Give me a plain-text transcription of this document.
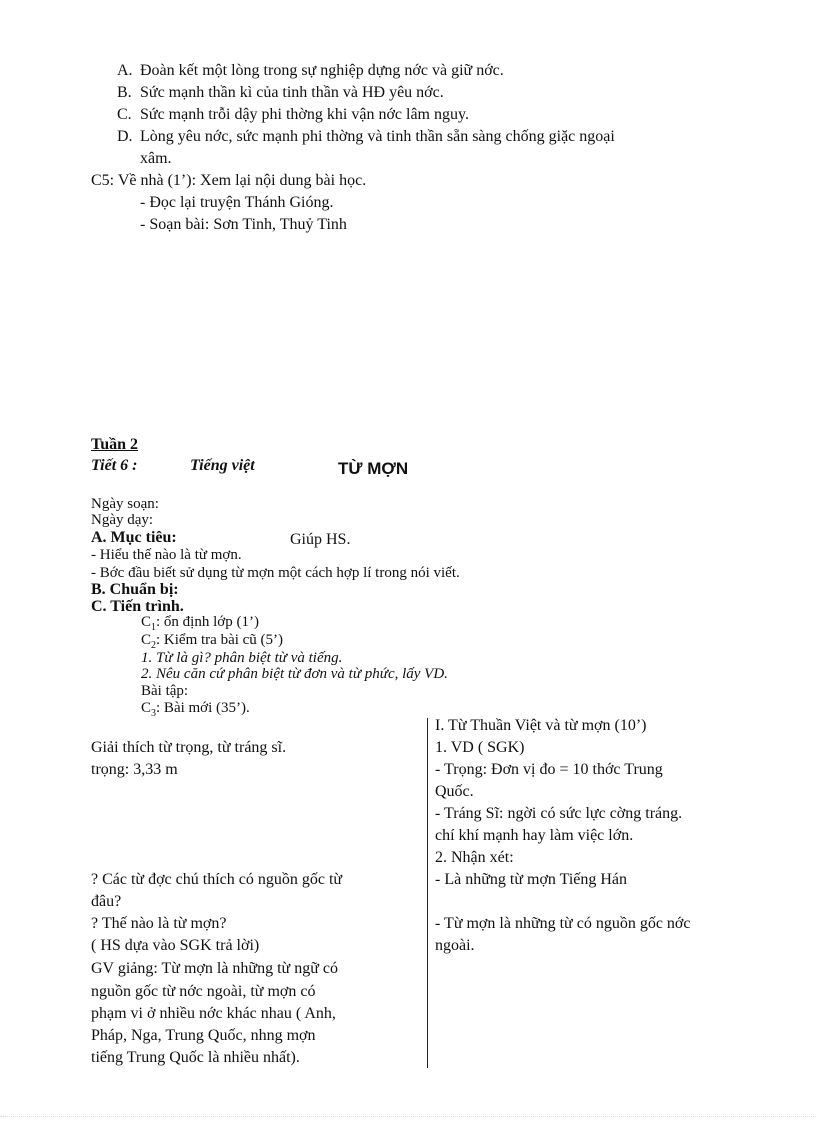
A. Đoàn kết một lòng trong sự nghiệp dựng nớc và giữ nớc.
B. Sức mạnh thần kì của tinh thần và HĐ yêu nớc.
C. Sức mạnh trỗi dậy phi thờng khi vận nớc lâm nguy.
D. Lòng yêu nớc, sức mạnh phi thờng và tinh thần sẵn sàng chống giặc ngoại
xâm.
C5: Về nhà (1’): Xem lại nội dung bài học.
- Đọc lại truyện Thánh Gióng.
- Soạn bài: Sơn Tinh, Thuỷ Tinh
Tuần 2
Tiết 6 :	Tiếng việt	TỪ MỢN
Ngày soạn:
Ngày dạy:
A. Mục tiêu:	Giúp HS.
- Hiểu thế nào là từ mợn.
- Bớc đầu biết sử dụng từ mợn một cách hợp lí trong nói viết.
B. Chuẩn bị:
C. Tiến trình.
$C_1$: ổn định lớp (1’)
$C_2$: Kiểm tra bài cũ (5’)
1. Từ là gì? phân biệt từ và tiếng.
2. Nêu căn cứ phân biệt từ đơn và từ phức, lấy VD.
Bài tập:
$C_3$: Bài mới (35’).
Giải thích từ trọng, từ tráng sĩ.
trọng: 3,33 m
? Các từ đợc chú thích có nguồn gốc từ
đâu?
? Thế nào là từ mợn?
( HS dựa vào SGK trả lời)
GV giảng: Từ mợn là những từ ngữ có
nguồn gốc từ nớc ngoài, từ mợn có
phạm vi ở nhiều nớc khác nhau ( Anh,
Pháp, Nga, Trung Quốc, nhng mợn
tiếng Trung Quốc là nhiều nhất).
I. Từ Thuần Việt và từ mợn (10’)
1. VD ( SGK)
- Trọng: Đơn vị đo = 10 thớc Trung
Quốc.
- Tráng Sĩ: ngời có sức lực cờng tráng.
chí khí mạnh hay làm việc lớn.
2. Nhận xét:
- Là những từ mợn Tiếng Hán
- Từ mợn là những từ có nguồn gốc nớc
ngoài.
